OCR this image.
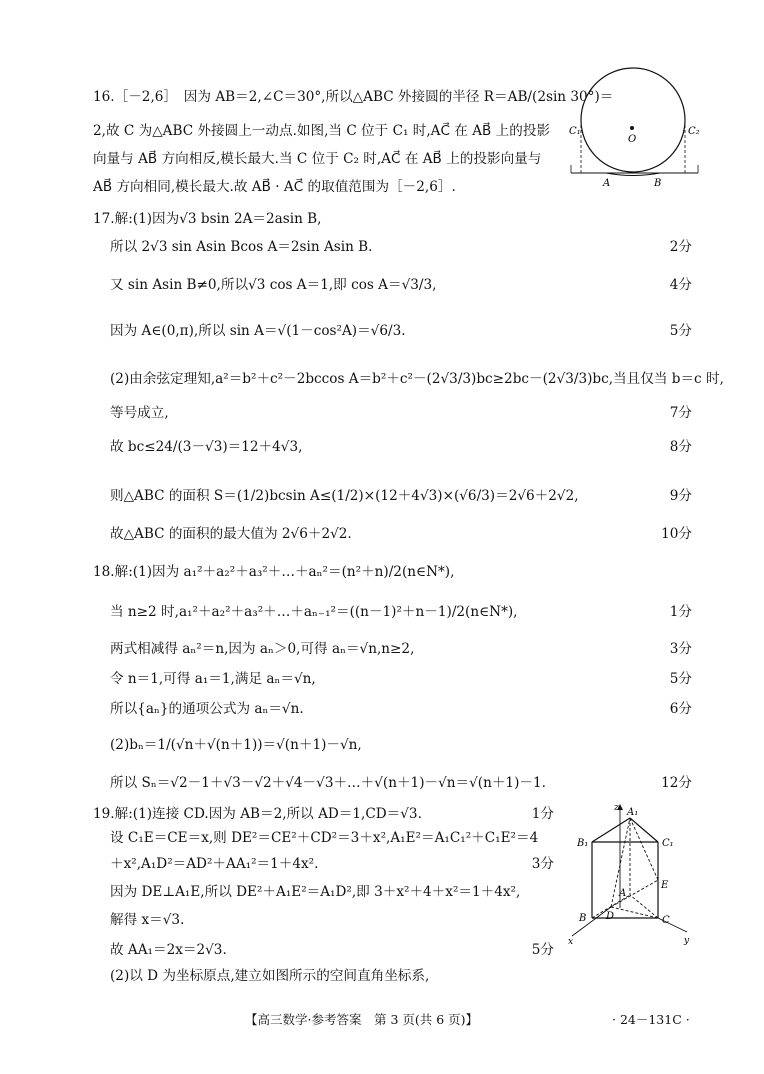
16.［－2,6］　因为 AB＝2,∠C＝30°,所以△ABC 外接圆的半径 R＝AB/(2sin 30°)＝
2,故 C 为△ABC 外接圆上一动点.如图,当 C 位于 C₁ 时,AC⃗ 在 AB⃗ 上的投影
向量与 AB⃗ 方向相反,模长最大.当 C 位于 C₂ 时,AC⃗ 在 AB⃗ 上的投影向量与
AB⃗ 方向相同,模长最大.故 AB⃗ · AC⃗ 的取值范围为［－2,6］.
C₁	C₂
O
A	B
17.解:(1)因为√3 bsin 2A＝2asin B,
所以 2√3 sin Asin Bcos A＝2sin Asin B.	2分
又 sin Asin B≠0,所以√3 cos A＝1,即 cos A＝√3/3,	4分
因为 A∈(0,π),所以 sin A＝√(1－cos²A)＝√6/3.	5分
(2)由余弦定理知,a²＝b²＋c²－2bccos A＝b²＋c²－(2√3/3)bc≥2bc－(2√3/3)bc,当且仅当 b＝c 时,
等号成立,	7分
故 bc≤24/(3－√3)＝12＋4√3,	8分
则△ABC 的面积 S＝(1/2)bcsin A≤(1/2)×(12＋4√3)×(√6/3)＝2√6＋2√2,	9分
故△ABC 的面积的最大值为 2√6＋2√2.	10分
18.解:(1)因为 a₁²＋a₂²＋a₃²＋…＋aₙ²＝(n²＋n)/2(n∈N*),
当 n≥2 时,a₁²＋a₂²＋a₃²＋…＋aₙ₋₁²＝((n－1)²＋n－1)/2(n∈N*),	1分
两式相减得 aₙ²＝n,因为 aₙ＞0,可得 aₙ＝√n,n≥2,	3分
令 n＝1,可得 a₁＝1,满足 aₙ＝√n,	5分
所以{aₙ}的通项公式为 aₙ＝√n.	6分
(2)bₙ＝1/(√n＋√(n＋1))＝√(n＋1)－√n,
所以 Sₙ＝√2－1＋√3－√2＋√4－√3＋…＋√(n＋1)－√n＝√(n＋1)－1.	12分
19.解:(1)连接 CD.因为 AB＝2,所以 AD＝1,CD＝√3.	1分
设 C₁E＝CE＝x,则 DE²＝CE²＋CD²＝3＋x²,A₁E²＝A₁C₁²＋C₁E²＝4
＋x²,A₁D²＝AD²＋AA₁²＝1＋4x².	3分
因为 DE⊥A₁E,所以 DE²＋A₁E²＝A₁D²,即 3＋x²＋4＋x²＝1＋4x²,
解得 x＝√3.
故 AA₁＝2x＝2√3.	5分
(2)以 D 为坐标原点,建立如图所示的空间直角坐标系,
z A₁
B₁	C₁
E
A
D
B	C
x	y
【高三数学·参考答案　第 3 页(共 6 页)】	· 24－131C ·
